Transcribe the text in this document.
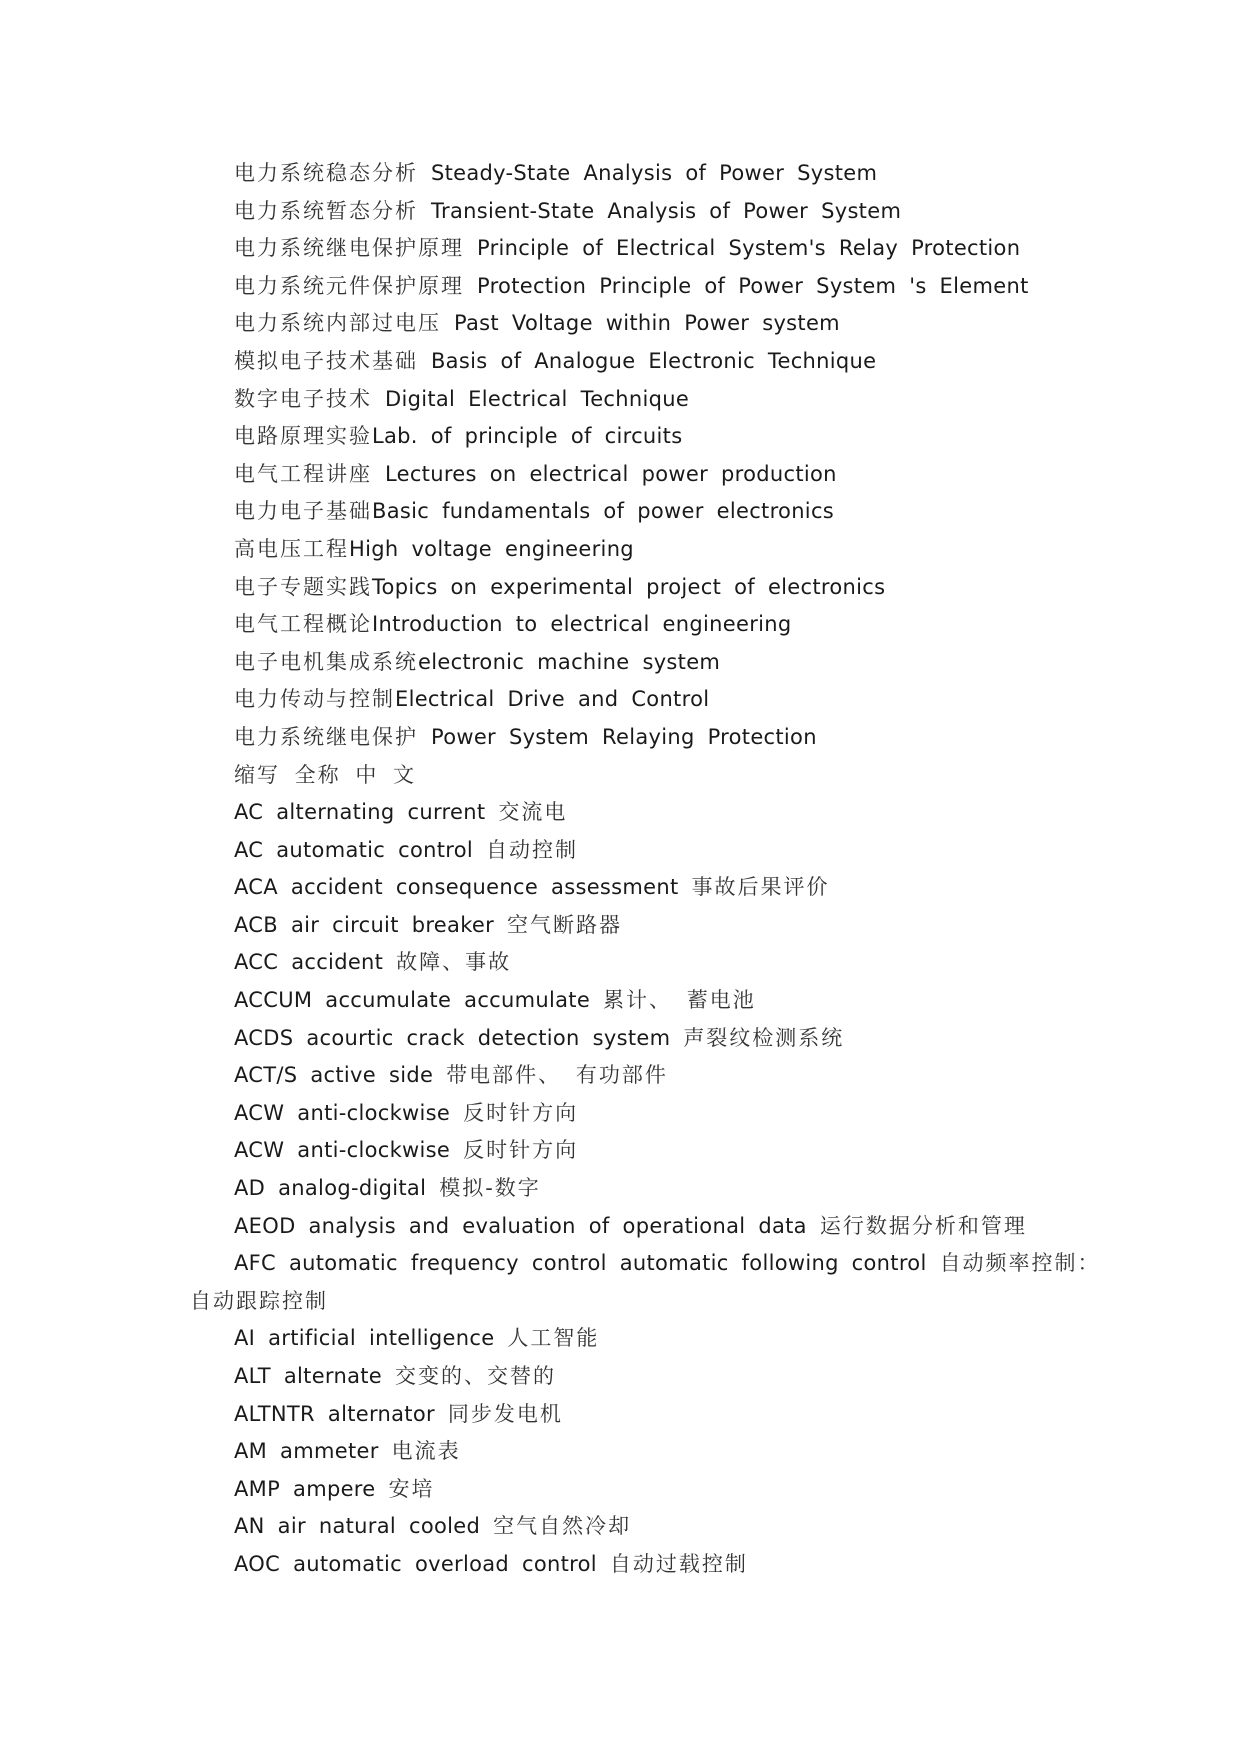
电力系统稳态分析 Steady-State Analysis of Power System
电力系统暂态分析 Transient-State Analysis of Power System
电力系统继电保护原理 Principle of Electrical System's Relay Protection
电力系统元件保护原理 Protection Principle of Power System 's Element
电力系统内部过电压 Past Voltage within Power system
模拟电子技术基础 Basis of Analogue Electronic Technique
数字电子技术 Digital Electrical Technique
电路原理实验Lab. of principle of circuits
电气工程讲座 Lectures on electrical power production
电力电子基础Basic fundamentals of power electronics
高电压工程High voltage engineering
电子专题实践Topics on experimental project of electronics
电气工程概论Introduction to electrical engineering
电子电机集成系统electronic machine system
电力传动与控制Electrical Drive and Control
电力系统继电保护 Power System Relaying Protection
缩写 全称 中 文
AC alternating current 交流电
AC automatic control 自动控制
ACA accident consequence assessment 事故后果评价
ACB air circuit breaker 空气断路器
ACC accident 故障、事故
ACCUM accumulate accumulate 累计、 蓄电池
ACDS acourtic crack detection system 声裂纹检测系统
ACT/S active side 带电部件、 有功部件
ACW anti-clockwise 反时针方向
ACW anti-clockwise 反时针方向
AD analog-digital 模拟-数字
AEOD analysis and evaluation of operational data 运行数据分析和管理
AFC automatic frequency control automatic following control 自动频率控制：
自动跟踪控制
AI artificial intelligence 人工智能
ALT alternate 交变的、交替的
ALTNTR alternator 同步发电机
AM ammeter 电流表
AMP ampere 安培
AN air natural cooled 空气自然冷却
AOC automatic overload control 自动过载控制
